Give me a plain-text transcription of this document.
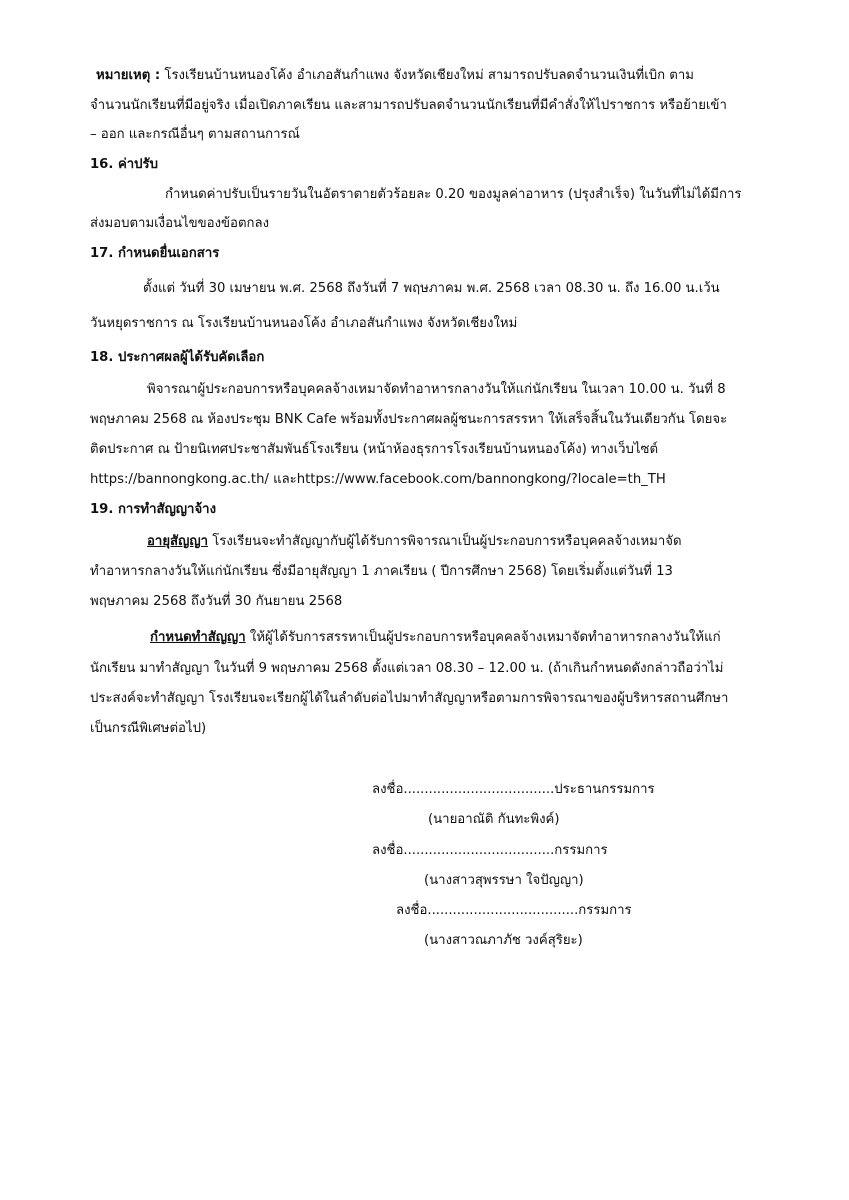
หมายเหตุ : โรงเรียนบ้านหนองโค้ง อำเภอสันกำแพง จังหวัดเชียงใหม่ สามารถปรับลดจำนวนเงินที่เบิก ตาม
จำนวนนักเรียนที่มีอยู่จริง เมื่อเปิดภาคเรียน และสามารถปรับลดจำนวนนักเรียนที่มีคำสั่งให้ไปราชการ หรือย้ายเข้า
– ออก และกรณีอื่นๆ ตามสถานการณ์
16. ค่าปรับ
กำหนดค่าปรับเป็นรายวันในอัตราตายตัวร้อยละ 0.20 ของมูลค่าอาหาร (ปรุงสำเร็จ) ในวันที่ไม่ได้มีการ
ส่งมอบตามเงื่อนไขของข้อตกลง
17. กำหนดยื่นเอกสาร
ตั้งแต่ วันที่ 30 เมษายน พ.ศ. 2568 ถึงวันที่ 7 พฤษภาคม พ.ศ. 2568 เวลา 08.30 น. ถึง 16.00 น.เว้น
วันหยุดราชการ ณ โรงเรียนบ้านหนองโค้ง อำเภอสันกำแพง จังหวัดเชียงใหม่
18. ประกาศผลผู้ได้รับคัดเลือก
พิจารณาผู้ประกอบการหรือบุคคลจ้างเหมาจัดทำอาหารกลางวันให้แก่นักเรียน ในเวลา 10.00 น. วันที่ 8
พฤษภาคม 2568 ณ ห้องประชุม BNK Cafe พร้อมทั้งประกาศผลผู้ชนะการสรรหา ให้เสร็จสิ้นในวันเดียวกัน โดยจะ
ติดประกาศ ณ ป้ายนิเทศประชาสัมพันธ์โรงเรียน (หน้าห้องธุรการโรงเรียนบ้านหนองโค้ง) ทางเว็บไซต์
https://bannongkong.ac.th/ และhttps://www.facebook.com/bannongkong/?locale=th_TH
19. การทำสัญญาจ้าง
อายุสัญญา โรงเรียนจะทำสัญญากับผู้ได้รับการพิจารณาเป็นผู้ประกอบการหรือบุคคลจ้างเหมาจัด
ทำอาหารกลางวันให้แก่นักเรียน ซึ่งมีอายุสัญญา 1 ภาคเรียน ( ปีการศึกษา 2568) โดยเริ่มตั้งแต่วันที่ 13
พฤษภาคม 2568 ถึงวันที่ 30 กันยายน 2568
กำหนดทำสัญญา ให้ผู้ได้รับการสรรหาเป็นผู้ประกอบการหรือบุคคลจ้างเหมาจัดทำอาหารกลางวันให้แก่
นักเรียน มาทำสัญญา ในวันที่ 9 พฤษภาคม 2568 ตั้งแต่เวลา 08.30 – 12.00 น. (ถ้าเกินกำหนดดังกล่าวถือว่าไม่
ประสงค์จะทำสัญญา โรงเรียนจะเรียกผู้ได้ในลำดับต่อไปมาทำสัญญาหรือตามการพิจารณาของผู้บริหารสถานศึกษา
เป็นกรณีพิเศษต่อไป)
ลงชื่อ....................................ประธานกรรมการ
(นายอาณัติ กันทะพิงค์)
ลงชื่อ....................................กรรมการ
(นางสาวสุพรรษา ใจปัญญา)
ลงชื่อ....................................กรรมการ
(นางสาวณภาภัช วงค์สุริยะ)
